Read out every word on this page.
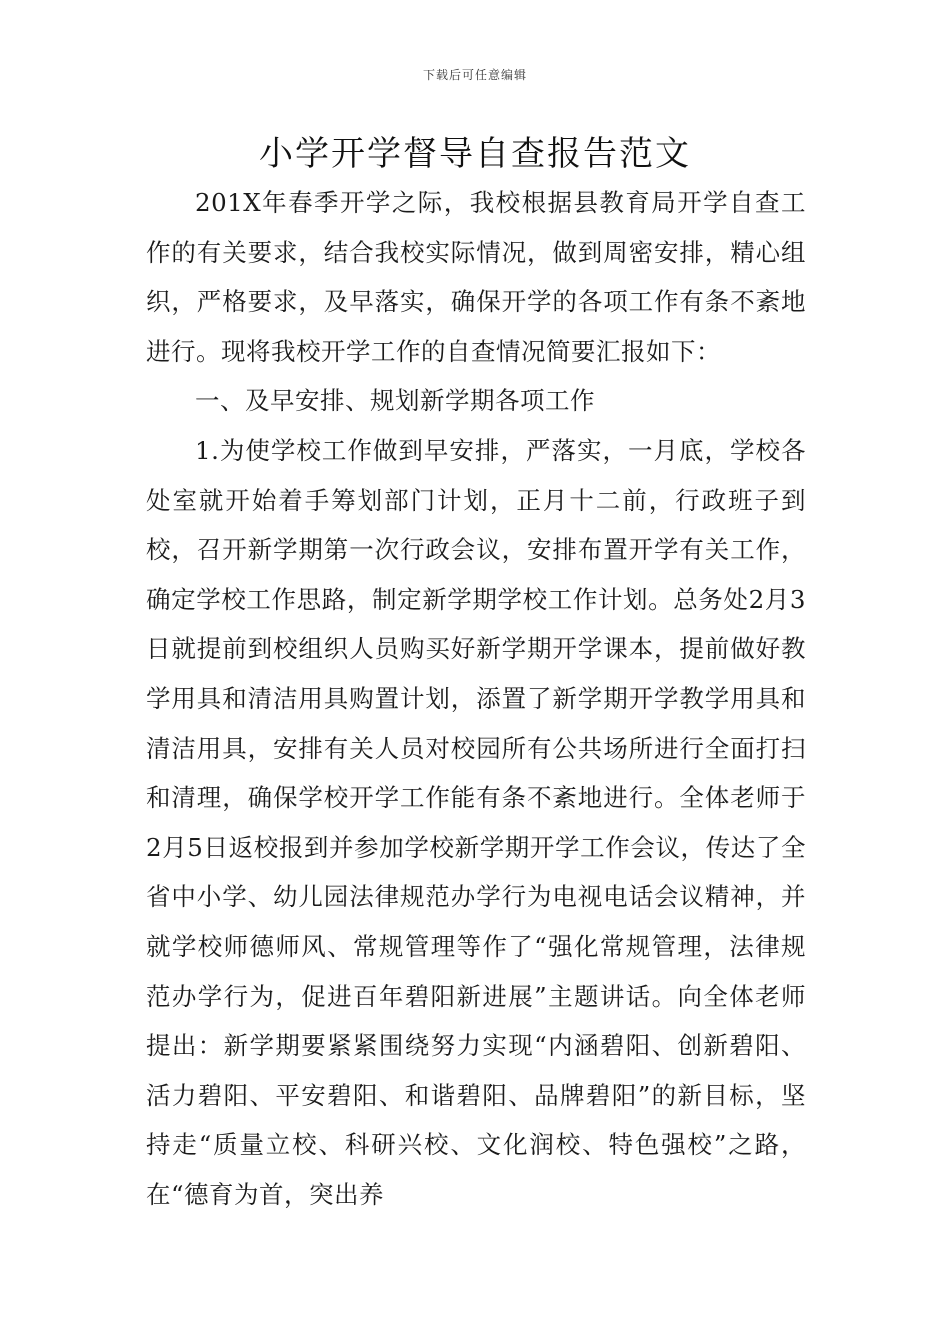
下载后可任意编辑
小学开学督导自查报告范文

201X年春季开学之际，我校根据县教育局开学自查工作的有关要求，结合我校实际情况，做到周密安排，精心组织，严格要求，及早落实，确保开学的各项工作有条不紊地进行。现将我校开学工作的自查情况简要汇报如下：

一、及早安排、规划新学期各项工作

1.为使学校工作做到早安排，严落实，一月底，学校各处室就开始着手筹划部门计划，正月十二前，行政班子到校，召开新学期第一次行政会议，安排布置开学有关工作，确定学校工作思路，制定新学期学校工作计划。总务处2月3日就提前到校组织人员购买好新学期开学课本，提前做好教学用具和清洁用具购置计划，添置了新学期开学教学用具和清洁用具，安排有关人员对校园所有公共场所进行全面打扫和清理，确保学校开学工作能有条不紊地进行。全体老师于2月5日返校报到并参加学校新学期开学工作会议，传达了全省中小学、幼儿园法律规范办学行为电视电话会议精神，并就学校师德师风、常规管理等作了“强化常规管理，法律规范办学行为，促进百年碧阳新进展”主题讲话。向全体老师提出：新学期要紧紧围绕努力实现“内涵碧阳、创新碧阳、活力碧阳、平安碧阳、和谐碧阳、品牌碧阳”的新目标，坚持走“质量立校、科研兴校、文化润校、特色强校”之路，在“德育为首，突出养
